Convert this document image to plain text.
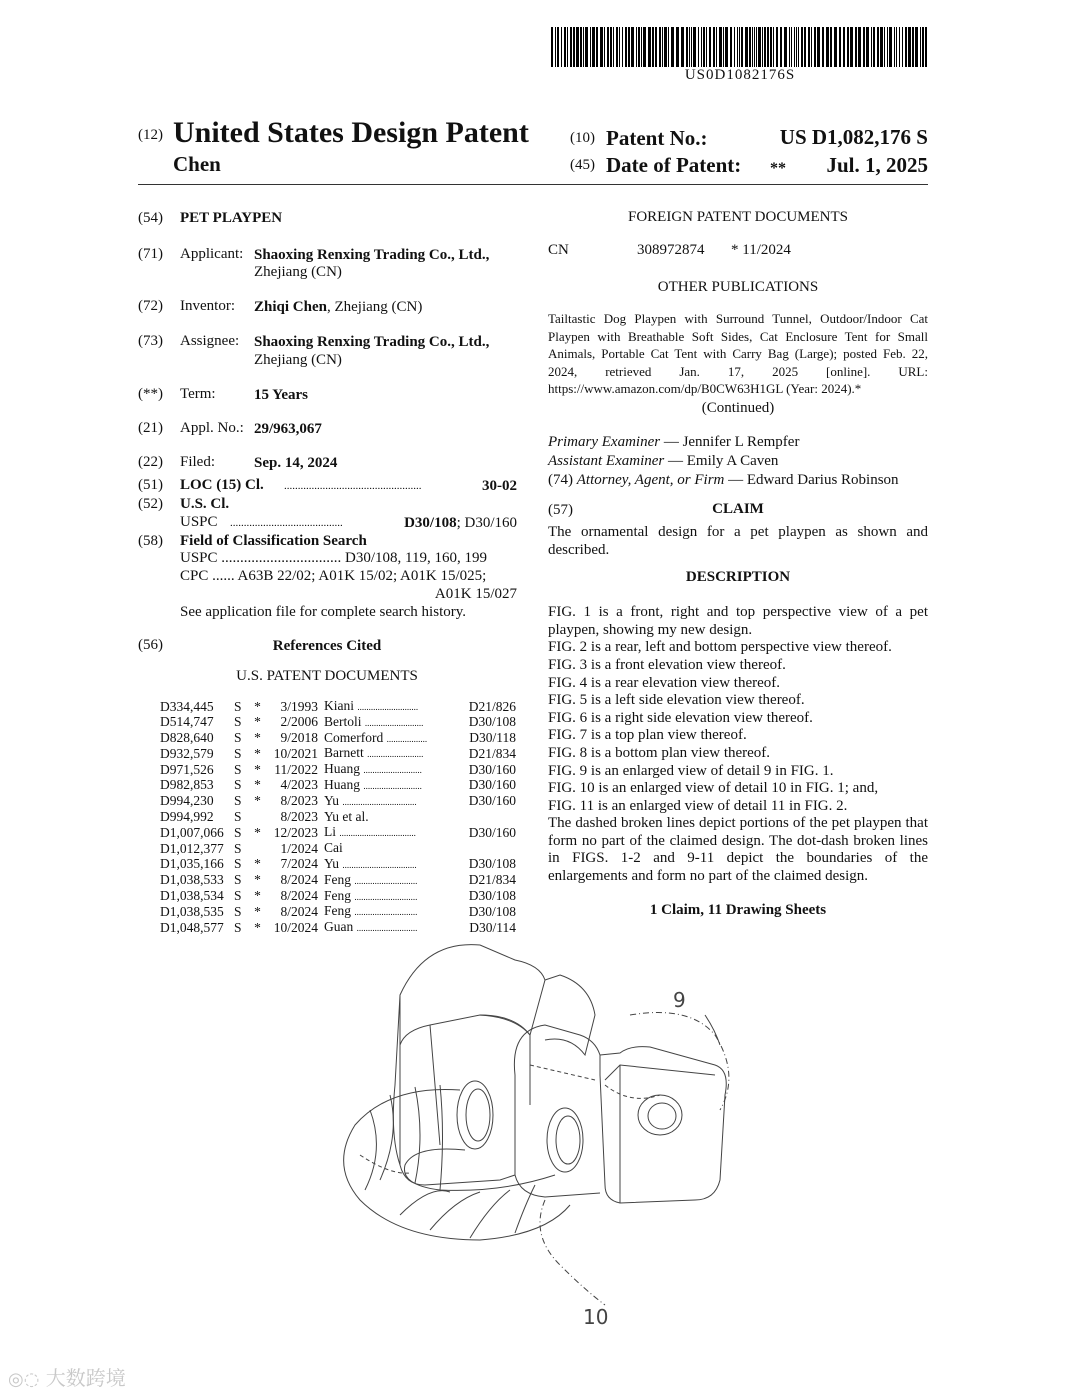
US0D1082176S
(12) United States Design Patent
Chen
(10) Patent No.:	US D1,082,176 S
(45) Date of Patent: ** Jul. 1, 2025
(54) PET PLAYPEN
(71) Applicant: Shaoxing Renxing Trading Co., Ltd.,
Zhejiang (CN)
(72) Inventor: Zhiqi Chen, Zhejiang (CN)
(73) Assignee: Shaoxing Renxing Trading Co., Ltd.,
Zhejiang (CN)
(**) Term:	15 Years
(21) Appl. No.: 29/963,067
(22) Filed:	Sep. 14, 2024
(51) LOC (15) Cl. ..................................................	30-02
(52) U.S. Cl.
USPC .........................................	D30/108; D30/160
(58) Field of Classification Search
USPC ................................ D30/108, 119, 160, 199
CPC ...... A63B 22/02; A01K 15/02; A01K 15/025;
A01K 15/027
See application file for complete search history.
(56)	References Cited
U.S. PATENT DOCUMENTS
D334,445	S	*	3/1993	Kiani ...........................	D21/826
D514,747	S	*	2/2006	Bertoli ..........................	D30/108
D828,640	S	*	9/2018	Comerford ..................	D30/118
D932,579	S	*	10/2021	Barnett .........................	D21/834
D971,526	S	*	11/2022	Huang ..........................	D30/160
D982,853	S	*	4/2023	Huang ..........................	D30/160
D994,230	S	*	8/2023	Yu .................................	D30/160
D994,992	S		8/2023	Yu et al.	
D1,007,066	S	*	12/2023	Li ..................................	D30/160
D1,012,377	S		1/2024	Cai	
D1,035,166	S	*	7/2024	Yu .................................	D30/108
D1,038,533	S	*	8/2024	Feng ............................	D21/834
D1,038,534	S	*	8/2024	Feng ............................	D30/108
D1,038,535	S	*	8/2024	Feng ............................	D30/108
D1,048,577	S	*	10/2024	Guan ...........................	D30/114
FOREIGN PATENT DOCUMENTS
CN	308972874 * 11/2024
OTHER PUBLICATIONS
Tailtastic Dog Playpen with Surround Tunnel, Outdoor/Indoor Cat Playpen with Breathable Soft Sides, Cat Enclosure Tent for Small Animals, Portable Cat Tent with Carry Bag (Large); posted Feb. 22, 2024, retrieved Jan. 17, 2025 [online]. URL: https://www.amazon.com/dp/B0CW63H1GL (Year: 2024).*
(Continued)
Primary Examiner — Jennifer L Rempfer
Assistant Examiner — Emily A Caven
(74) Attorney, Agent, or Firm — Edward Darius Robinson
(57)	CLAIM
The ornamental design for a pet playpen as shown and described.
DESCRIPTION
FIG. 1 is a front, right and top perspective view of a pet playpen, showing my new design.
FIG. 2 is a rear, left and bottom perspective view thereof.
FIG. 3 is a front elevation view thereof.
FIG. 4 is a rear elevation view thereof.
FIG. 5 is a left side elevation view thereof.
FIG. 6 is a right side elevation view thereof.
FIG. 7 is a top plan view thereof.
FIG. 8 is a bottom plan view thereof.
FIG. 9 is an enlarged view of detail 9 in FIG. 1.
FIG. 10 is an enlarged view of detail 10 in FIG. 1; and,
FIG. 11 is an enlarged view of detail 11 in FIG. 2.
The dashed broken lines depict portions of the pet playpen that form no part of the claimed design. The dot-dash broken lines in FIGS. 1-2 and 9-11 depict the boundaries of the enlargements and form no part of the claimed design.
1 Claim, 11 Drawing Sheets
9
10
◎◌ 大数跨境
